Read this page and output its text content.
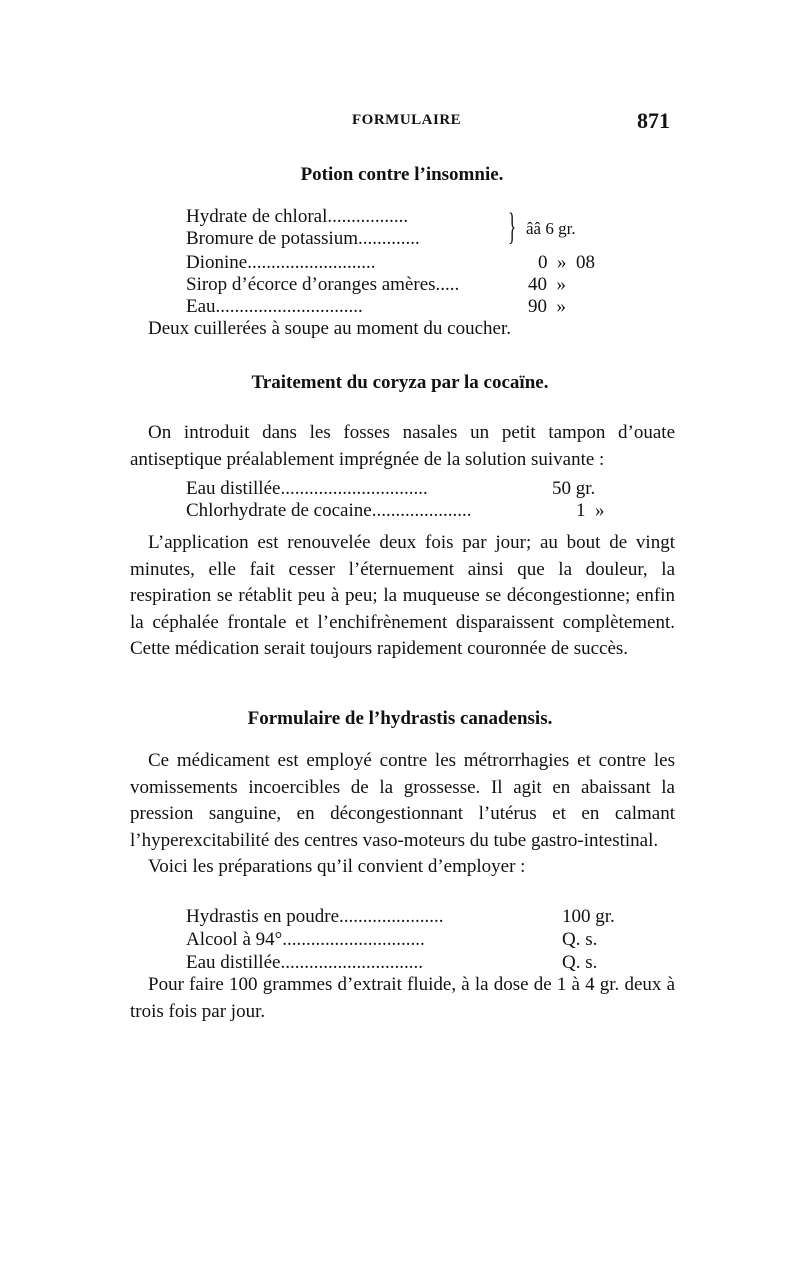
FORMULAIRE	871
Potion contre l’insomnie.
Hydrate de chloral.................
Bromure de potassium............. } ââ 6 gr.
Dionine...........................	0  »  08
Sirop d’écorce d’oranges amères.....	40  »
Eau...............................	90  »

Deux cuillerées à soupe au moment du coucher.

Traitement du coryza par la cocaïne.

On introduit dans les fosses nasales un petit tampon d’ouate antiseptique préalablement imprégnée de la solution suivante :

Eau distillée...............................	50 gr.
Chlorhydrate de cocaine.....................	1  »

L’application est renouvelée deux fois par jour; au bout de vingt minutes, elle fait cesser l’éternuement ainsi que la douleur, la respiration se rétablit peu à peu; la muqueuse se décongestionne; enfin la céphalée frontale et l’enchifrènement disparaissent complètement. Cette médication serait toujours rapidement couronnée de succès.

Formulaire de l’hydrastis canadensis.

Ce médicament est employé contre les métrorrhagies et contre les vomissements incoercibles de la grossesse. Il agit en abaissant la pression sanguine, en décongestionnant l’utérus et en calmant l’hyperexcitabilité des centres vaso-moteurs du tube gastro-intestinal.

Voici les préparations qu’il convient d’employer :

Hydrastis en poudre......................	100 gr.
Alcool à 94°..............................	Q. s.
Eau distillée..............................	Q. s.

Pour faire 100 grammes d’extrait fluide, à la dose de 1 à 4 gr. deux à trois fois par jour.
